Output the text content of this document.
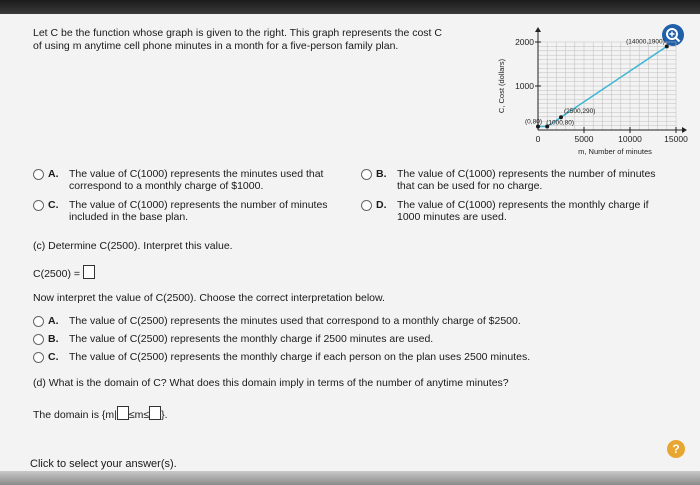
Let C be the function whose graph is given to the right. This graph represents the cost C
of using m anytime cell phone minutes in a month for a five-person family plan.

5000	10000	15000
0
1000
2000
m, Number of minutes
C, Cost (dollars)
(0,80) (1000,80)
(2500,290)
(14000,1900)
A. The value of C(1000) represents the minutes used that
correspond to a monthly charge of $1000.
B. The value of C(1000) represents the number of minutes
that can be used for no charge.
C. The value of C(1000) represents the number of minutes
included in the base plan.
D. The value of C(1000) represents the monthly charge if
1000 minutes are used.

(c) Determine C(2500). Interpret this value.

C(2500) =

Now interpret the value of C(2500). Choose the correct interpretation below.

A. The value of C(2500) represents the minutes used that correspond to a monthly charge of $2500.
B. The value of C(2500) represents the monthly charge if 2500 minutes are used.
C. The value of C(2500) represents the monthly charge if each person on the plan uses 2500 minutes.

(d) What is the domain of C? What does this domain imply in terms of the number of anytime minutes?

The domain is {m| ≤m≤ }.

Click to select your answer(s).

?
